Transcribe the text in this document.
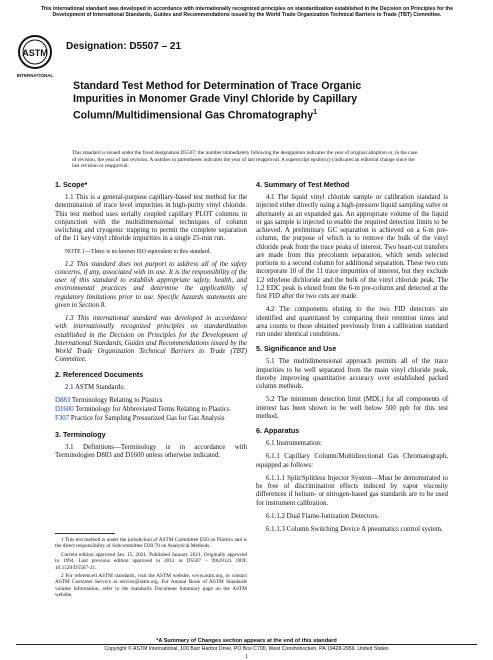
This international standard was developed in accordance with internationally recognized principles on standardization established in the Decision on Principles for the Development of International Standards, Guides and Recommendations issued by the World Trade Organization Technical Barriers to Trade (TBT) Committee.
ASTM
INTERNATIONAL
Designation: D5507 – 21
Standard Test Method for Determination of Trace Organic Impurities in Monomer Grade Vinyl Chloride by Capillary Column/Multidimensional Gas Chromatography$^1$
This standard is issued under the fixed designation D5507; the number immediately following the designation indicates the year of original adoption or, in the case of revision, the year of last revision. A number in parentheses indicates the year of last reapproval. A superscript epsilon (ε) indicates an editorial change since the last revision or reapproval.
1. Scope*

1.1 This is a general-purpose capillary-based test method for the determination of trace level impurities in high-purity vinyl chloride. This test method uses serially coupled capillary PLOT columns in conjunction with the multidimensional techniques of column switching and cryogenic trapping to permit the complete separation of the 11 key vinyl chloride impurities in a single 25-min run.

NOTE 1—There is no known ISO equivalent to this standard.

1.2 This standard does not purport to address all of the safety concerns, if any, associated with its use. It is the responsibility of the user of this standard to establish appropriate safety, health, and environmental practices and determine the applicability of regulatory limitations prior to use. Specific hazards statements are given in Section 8.

1.3 This international standard was developed in accordance with internationally recognized principles on standardization established in the Decision on Principles for the Development of International Standards, Guides and Recommendations issued by the World Trade Organization Technical Barriers to Trade (TBT) Committee.

2. Referenced Documents

2.1 ASTM Standards:

D883 Terminology Relating to Plastics
D1600 Terminology for Abbreviated Terms Relating to Plastics
F307 Practice for Sampling Pressurized Gas for Gas Analysis
3. Terminology

3.1 Definitions—Terminology is in accordance with Terminologies D883 and D1600 unless otherwise indicated.

1 This test method is under the jurisdiction of ASTM Committee D20 on Plastics and is the direct responsibility of Subcommittee D20.70 on Analytical Methods.

Current edition approved Jan. 15, 2021. Published January 2021. Originally approved in 1994. Last previous edition approved in 2012 as D5507 – 99(2012). DOI: 10.1520/D5507-21.

2 For referenced ASTM standards, visit the ASTM website, www.astm.org, or contact ASTM Customer Service at service@astm.org. For Annual Book of ASTM Standards volume information, refer to the standard's Document Summary page on the ASTM website.

4. Summary of Test Method

4.1 The liquid vinyl chloride sample or calibration standard is injected either directly using a high-pressure liquid sampling valve or alternately as an expanded gas. An appropriate volume of the liquid or gas sample is injected to enable the required detection limits to be achieved. A preliminary GC separation is achieved on a 6-m pre-column, the purpose of which is to remove the bulk of the vinyl chloride peak from the trace peaks of interest. Two heart-cut transfers are made from this precolumn separation, which sends selected portions to a second column for additional separation. These two cuts incorporate 10 of the 11 trace impurities of interest, but they exclude 1,2 ethylene dichloride and the bulk of the vinyl chloride peak. The 1,2 EDC peak is eluted from the 6-m pre-column and detected at the first FID after the two cuts are made.

4.2 The components eluting to the two FID detectors are identified and quantitated by comparing their retention times and area counts to those obtained previously from a calibration standard run under identical conditions.

5. Significance and Use

5.1 The multidimensional approach permits all of the trace impurities to be well separated from the main vinyl chloride peak, thereby improving quantitative accuracy over established packed column methods.

5.2 The minimum detection limit (MDL) for all components of interest has been shown to be well below 500 ppb for this test method.

6. Apparatus

6.1 Instrumentation:

6.1.1 Capillary Column/Multidirectional Gas Chromatograph, equipped as follows:

6.1.1.1 Split/Splitless Injector System—Must be demonstrated to be free of discrimination effects induced by vapor viscosity differences if helium- or nitrogen-based gas standards are to be used for instrument calibration.

6.1.1.2 Dual Flame-Ionization Detectors.

6.1.1.3 Column Switching Device A pneumatics control system.

*A Summary of Changes section appears at the end of this standard
Copyright © ASTM International, 100 Barr Harbor Drive, PO Box C700, West Conshohocken, PA 19428-2959. United States
1
